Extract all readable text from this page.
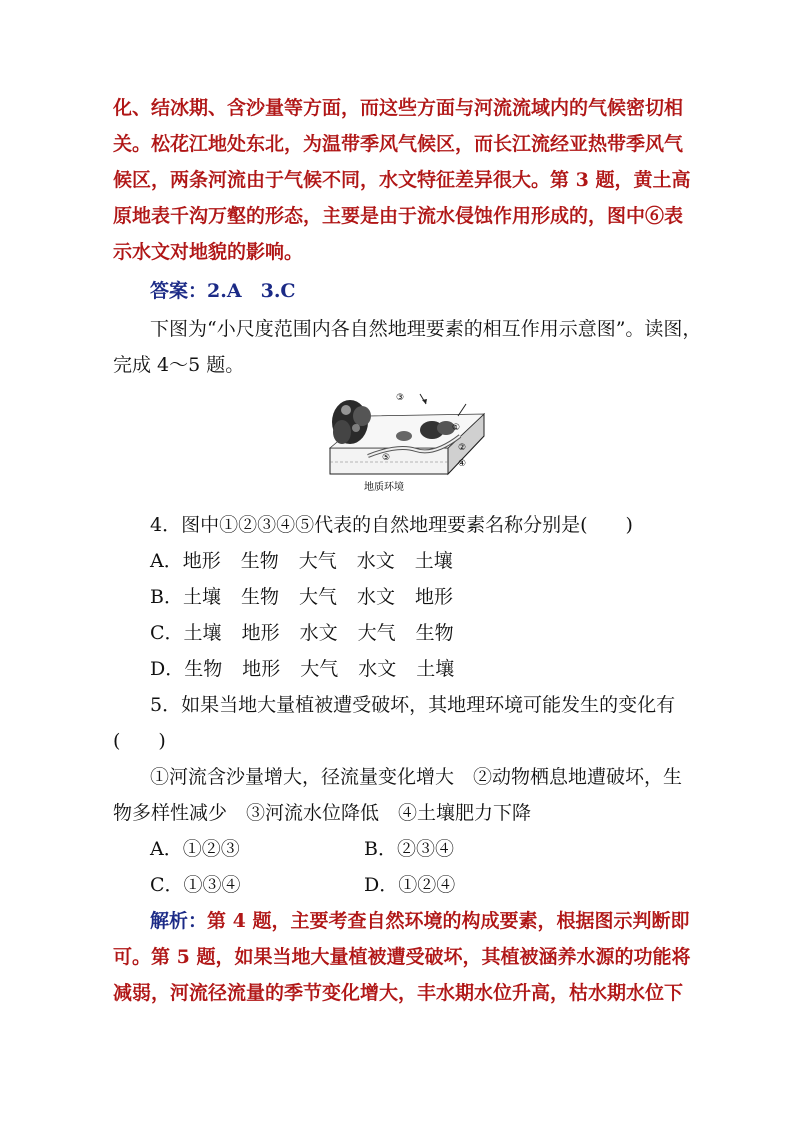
化、结冰期、含沙量等方面，而这些方面与河流流域内的气候密切相
关。松花江地处东北，为温带季风气候区，而长江流经亚热带季风气
候区，两条河流由于气候不同，水文特征差异很大。第 3 题，黄土高
原地表千沟万壑的形态，主要是由于流水侵蚀作用形成的，图中⑥表
示水文对地貌的影响。
答案：2.A　3.C
下图为“小尺度范围内各自然地理要素的相互作用示意图”。读图，
完成 4～5 题。
③
①
②
④
⑤
地质环境
4．图中①②③④⑤代表的自然地理要素名称分别是(　　)
A．地形 生物 大气 水文 土壤
B．土壤 生物 大气 水文 地形
C．土壤 地形 水文 大气 生物
D．生物 地形 大气 水文 土壤
5．如果当地大量植被遭受破坏，其地理环境可能发生的变化有
(　　)
①河流含沙量增大，径流量变化增大　②动物栖息地遭破坏，生
物多样性减少　③河流水位降低　④土壤肥力下降
A．①②③	B．②③④
C．①③④	D．①②④
解析：第 4 题，主要考查自然环境的构成要素，根据图示判断即
可。第 5 题，如果当地大量植被遭受破坏，其植被涵养水源的功能将
减弱，河流径流量的季节变化增大，丰水期水位升高，枯水期水位下
